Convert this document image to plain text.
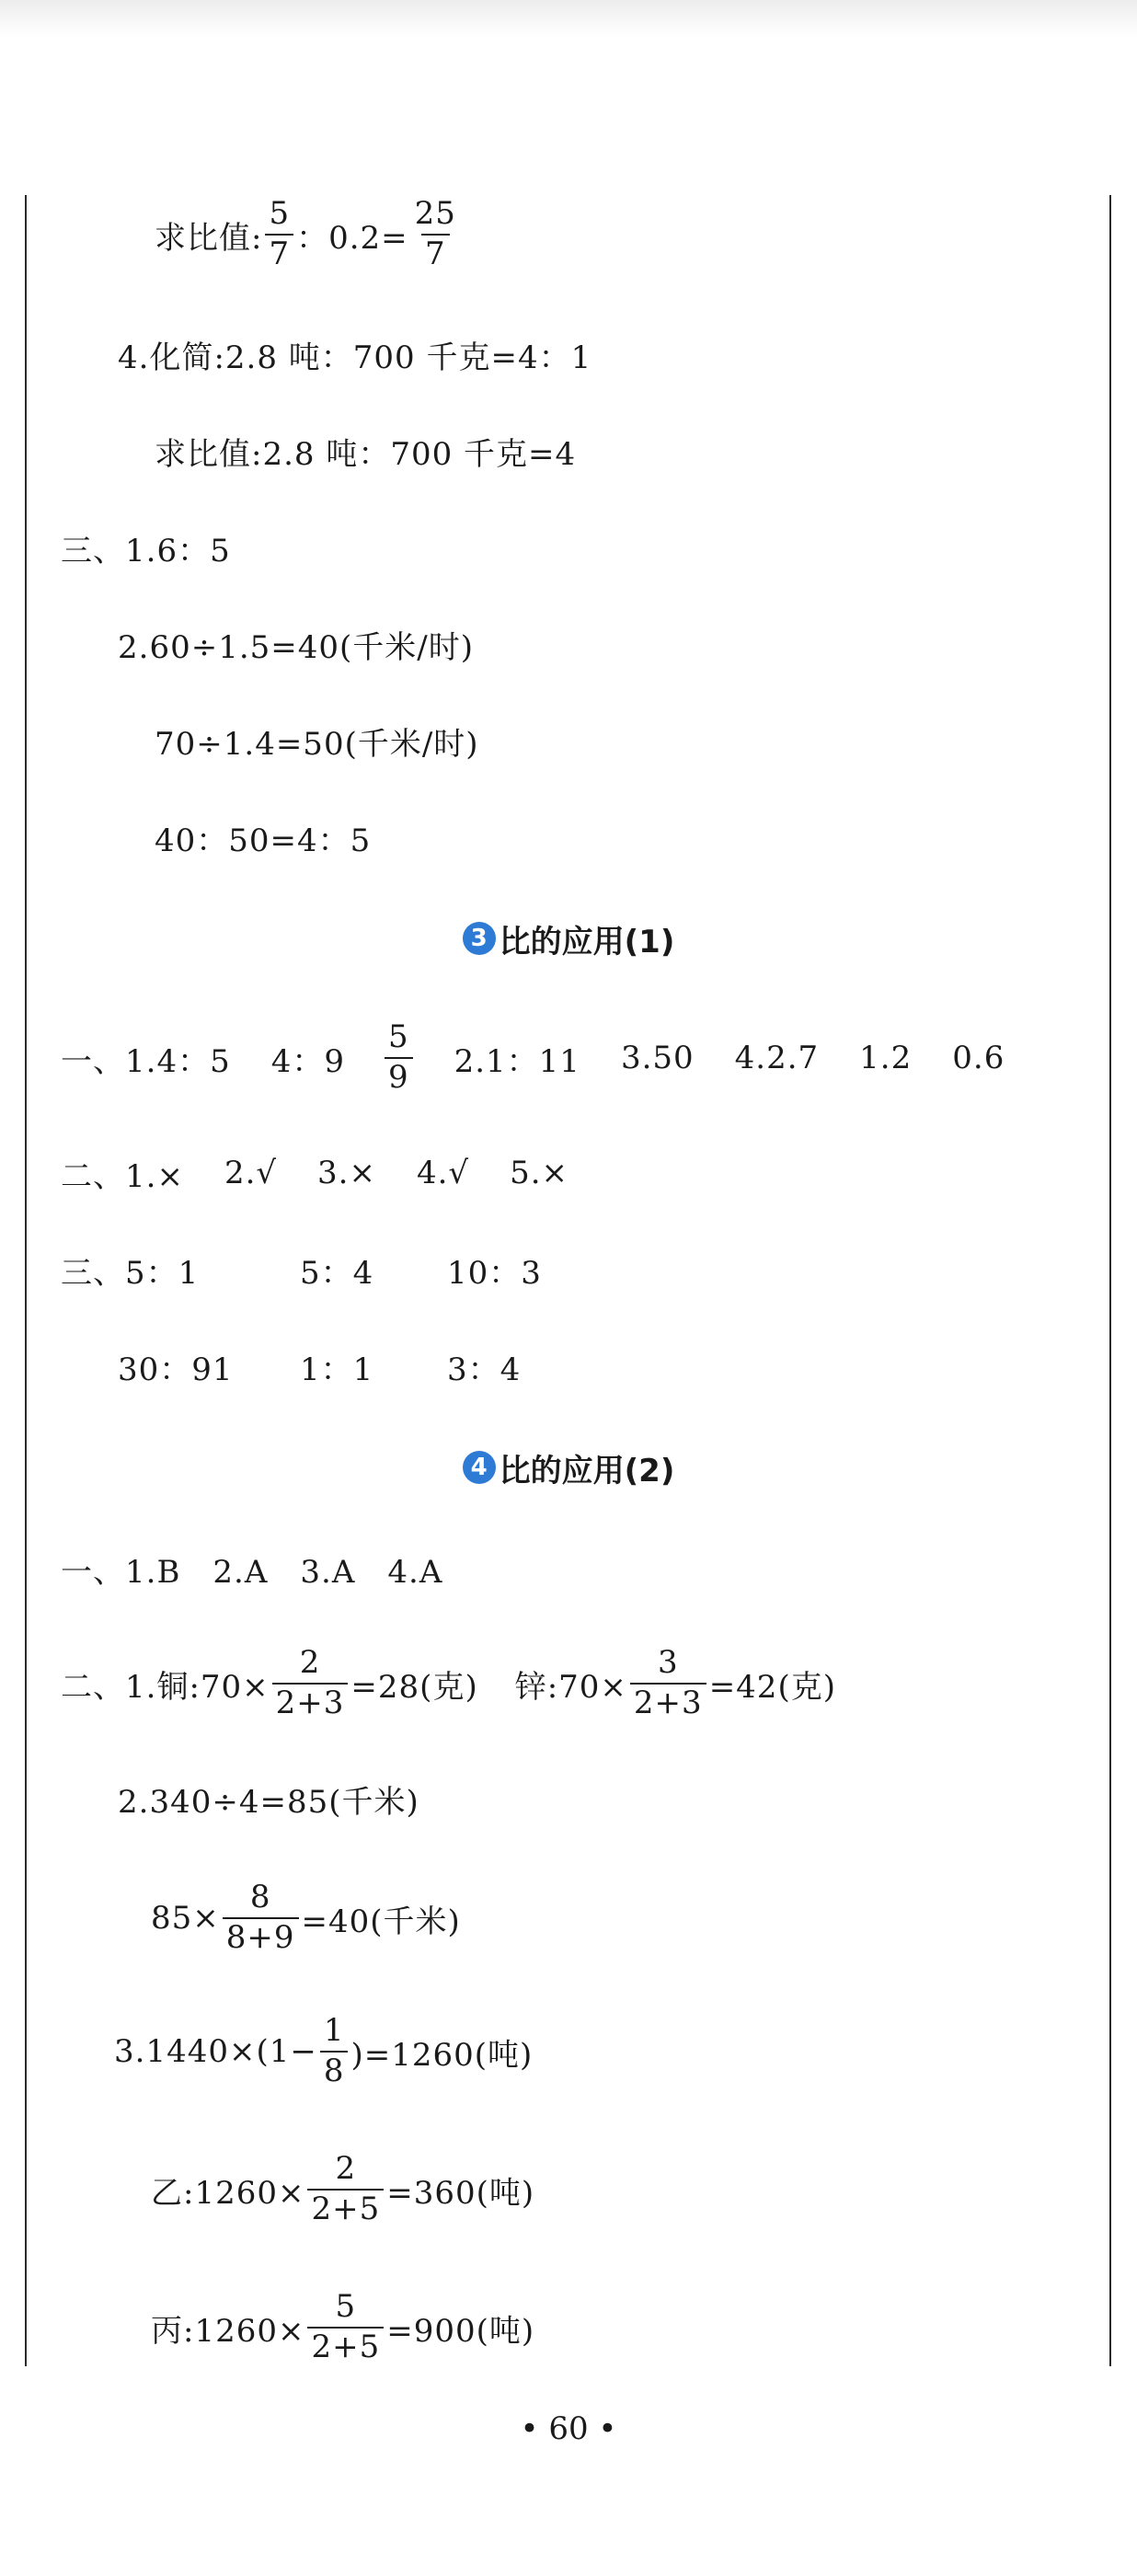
求比值: $\frac{5}{7}$ ：$0.2= \frac{25}{7}$
4.化简:2.8 吨：700 千克=4：1
求比值:2.8 吨：700 千克=4
三、1.6：5
2.60÷1.5=40(千米/时)
70÷1.4=50(千米/时)
40：50=4：5
3 比的应用(1)
一、1.4：5 4：$9 \frac{5}{9} 2.1$：11 3.50 4.2.7 1.2 0.6
二、1.× 2.√ 3.× 4.√ 5.×
三、5：1	5：4	10：3
30：91	1：1	3：4
4 比的应用(2)
一、1.B　2.A　3.A　4.A
二、1.铜:70× $\frac{2}{2+3} =28$(克) 锌:70× $\frac{3}{2+3} =42$(克)
2.340÷4=85(千米)
$85\times \frac{8}{8+9} =40$(千米)
$3.1440\times(1- \frac{1}{8} )=1260$(吨)
乙:1260× $\frac{2}{2+5} =360$(吨)
丙:1260× $\frac{5}{2+5} =900$(吨)
• 60 •
